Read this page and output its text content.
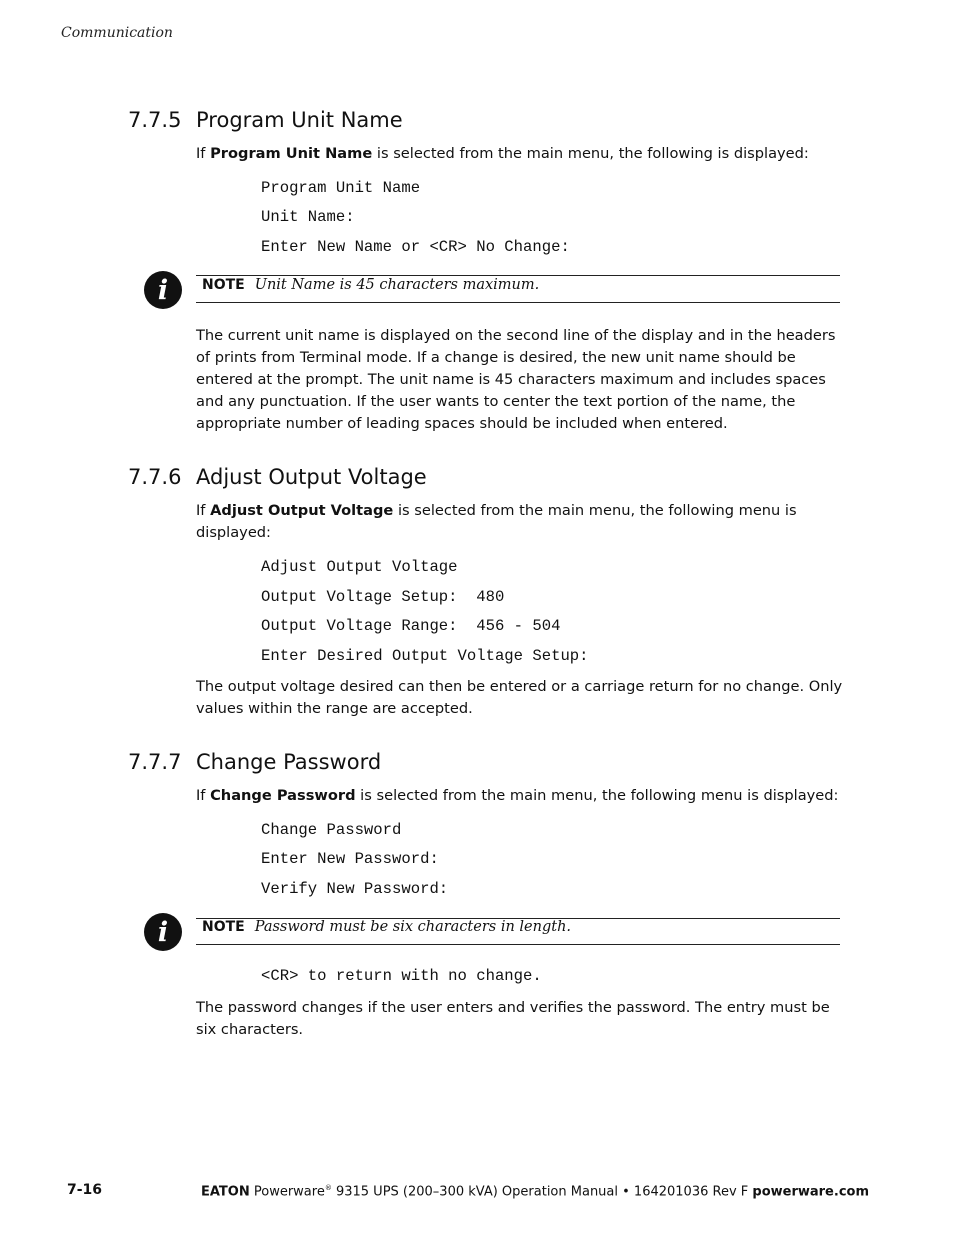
Communication
7.7.5 Program Unit Name
If Program Unit Name is selected from the main menu, the following is displayed:
Program Unit Name
Unit Name:
Enter New Name or <CR> No Change:
i NOTE Unit Name is 45 characters maximum.
The current unit name is displayed on the second line of the display and in the headers of prints from Terminal mode. If a change is desired, the new unit name should be entered at the prompt. The unit name is 45 characters maximum and includes spaces and any punctuation. If the user wants to center the text portion of the name, the appropriate number of leading spaces should be included when entered.
7.7.6 Adjust Output Voltage
If Adjust Output Voltage is selected from the main menu, the following menu is displayed:
Adjust Output Voltage
Output Voltage Setup:  480
Output Voltage Range:  456 - 504
Enter Desired Output Voltage Setup:
The output voltage desired can then be entered or a carriage return for no change. Only values within the range are accepted.
7.7.7 Change Password
If Change Password is selected from the main menu, the following menu is displayed:
Change Password
Enter New Password:
Verify New Password:
i NOTE Password must be six characters in length.
<CR> to return with no change.
The password changes if the user enters and verifies the password. The entry must be six characters.
7-16	EATON Powerware® 9315 UPS (200–300 kVA) Operation Manual • 164201036 Rev F powerware.com
